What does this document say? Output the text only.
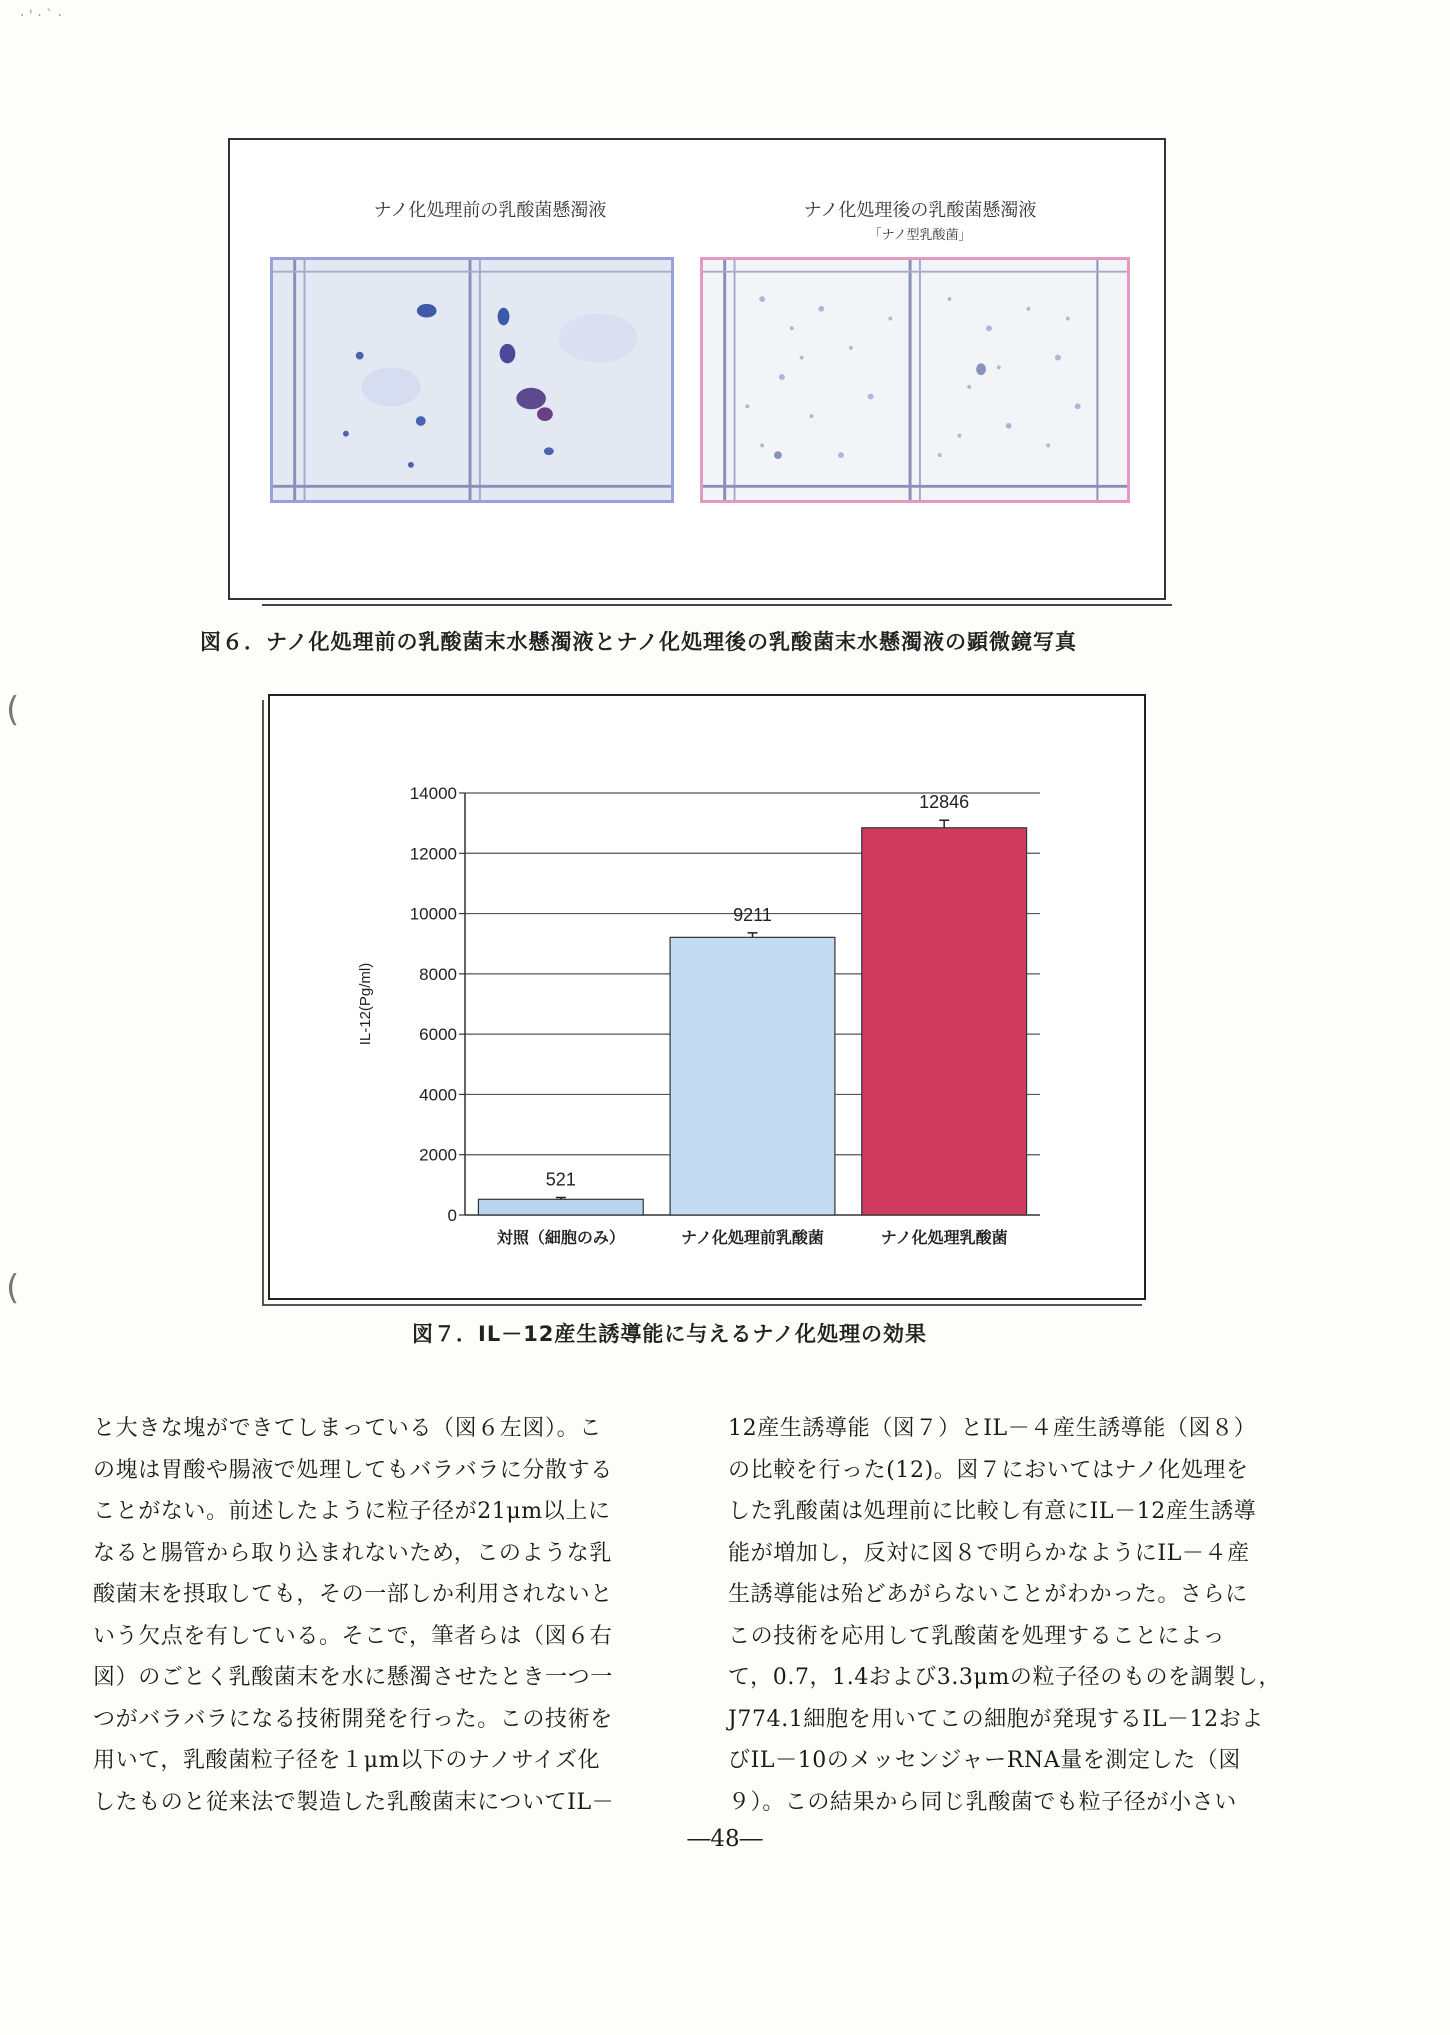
· ' · ˋ ·
ナノ化処理前の乳酸菌懸濁液	ナノ化処理後の乳酸菌懸濁液
「ナノ型乳酸菌」
図６．ナノ化処理前の乳酸菌末水懸濁液とナノ化処理後の乳酸菌末水懸濁液の顕微鏡写真
(
(
0
2000
4000
6000
8000
10000
12000
14000
IL-12(Pg/ml)
521
対照（細胞のみ）
9211
ナノ化処理前乳酸菌
12846
ナノ化処理乳酸菌
図７．IL－12産生誘導能に与えるナノ化処理の効果

と大きな塊ができてしまっている（図６左図）。こ

の塊は胃酸や腸液で処理してもバラバラに分散する

ことがない。前述したように粒子径が21μm以上に

なると腸管から取り込まれないため，このような乳

酸菌末を摂取しても，その一部しか利用されないと

いう欠点を有している。そこで，筆者らは（図６右

図）のごとく乳酸菌末を水に懸濁させたとき一つ一

つがバラバラになる技術開発を行った。この技術を

用いて，乳酸菌粒子径を１μm以下のナノサイズ化

したものと従来法で製造した乳酸菌末についてIL－

12産生誘導能（図７）とIL－４産生誘導能（図８）

の比較を行った(12)。図７においてはナノ化処理を

した乳酸菌は処理前に比較し有意にIL－12産生誘導

能が増加し，反対に図８で明らかなようにIL－４産

生誘導能は殆どあがらないことがわかった。さらに

この技術を応用して乳酸菌を処理することによっ

て，0.7，1.4および3.3μmの粒子径のものを調製し，

J774.1細胞を用いてこの細胞が発現するIL－12およ

びIL－10のメッセンジャーRNA量を測定した（図

９）。この結果から同じ乳酸菌でも粒子径が小さい

―48―
